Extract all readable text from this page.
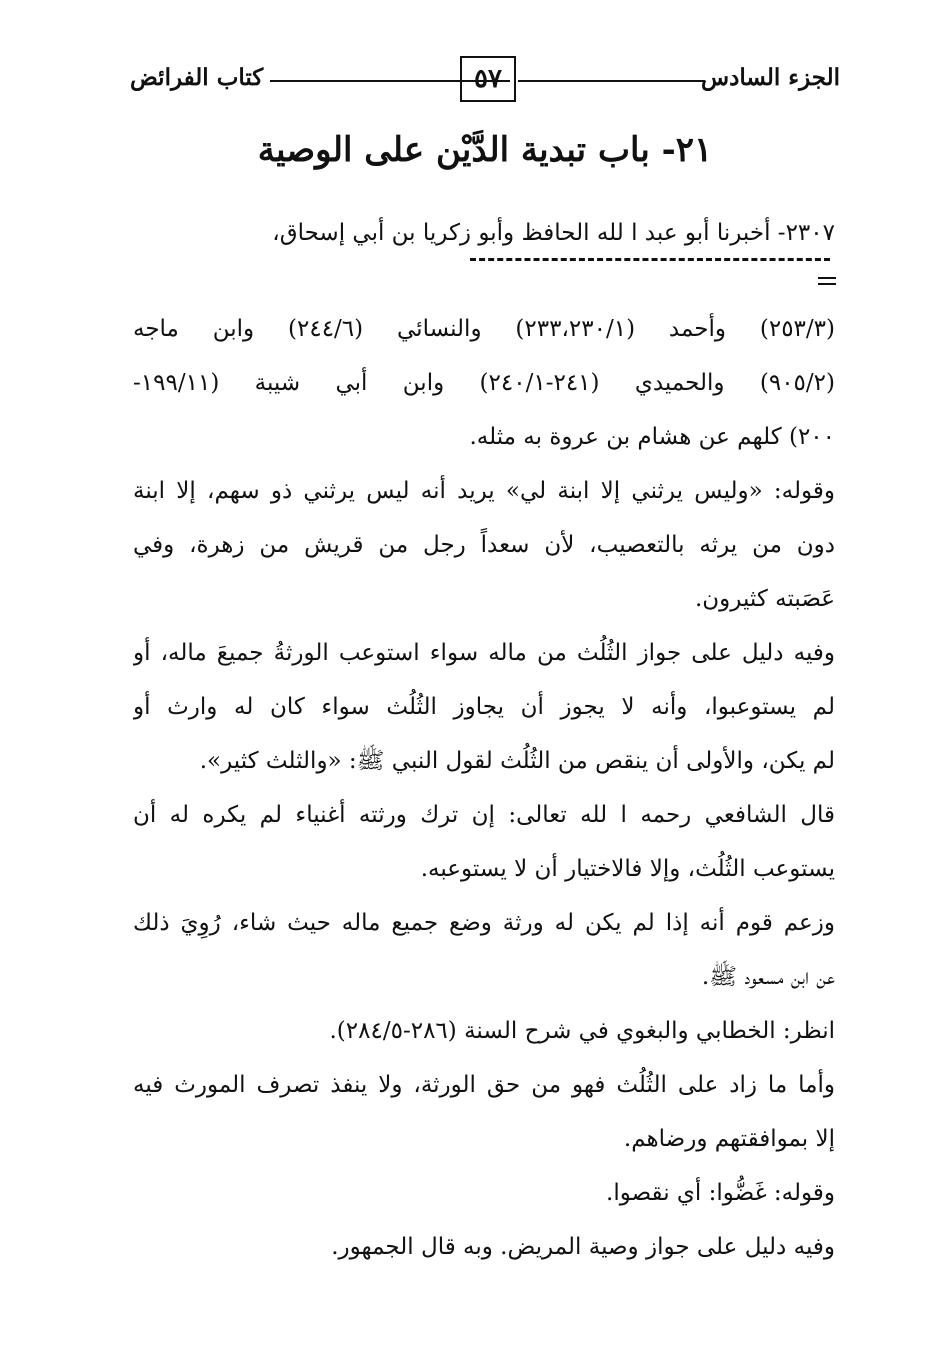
الجزء السادس
٥٧
كتاب الفرائض
٢١- باب تبدية الدَّيْن على الوصية
٢٣٠٧- أخبرنا أبو عبد ا لله الحافظ وأبو زكريا بن أبي إسحاق،
(٢٥٣/٣) وأحمد (٢٣٣،٢٣٠/١) والنسائي (٢٤٤/٦) وابن ماجه
(٩٠٥/٢) والحميدي (٢٤١-٢٤٠/١) وابن أبي شيبة (١٩٩/١١-
٢٠٠) كلهم عن هشام بن عروة به مثله.
وقوله: «وليس يرثني إلا ابنة لي» يريد أنه ليس يرثني ذو سهم، إلا ابنة
دون من يرثه بالتعصيب، لأن سعداً رجل من قريش من زهرة، وفي
عَصَبته كثيرون.
وفيه دليل على جواز الثُلُث من ماله سواء استوعب الورثةُ جميعَ ماله، أو
لم يستوعبوا، وأنه لا يجوز أن يجاوز الثُلُث سواء كان له وارث أو
لم يكن، والأولى أن ينقص من الثُلُث لقول النبي ﷺ: «والثلث كثير».
قال الشافعي رحمه ا لله تعالى: إن ترك ورثته أغنياء لم يكره له أن
يستوعب الثُلُث، وإلا فالاختيار أن لا يستوعبه.
وزعم قوم أنه إذا لم يكن له ورثة وضع جميع ماله حيث شاء، رُوِيَ ذلك
عن ابن مسعود ﷺ.
انظر: الخطابي والبغوي في شرح السنة (٢٨٦-٢٨٤/٥).
وأما ما زاد على الثُلُث فهو من حق الورثة، ولا ينفذ تصرف المورث فيه
إلا بموافقتهم ورضاهم.
وقوله: غَضُّوا: أي نقصوا.
وفيه دليل على جواز وصية المريض. وبه قال الجمهور.
